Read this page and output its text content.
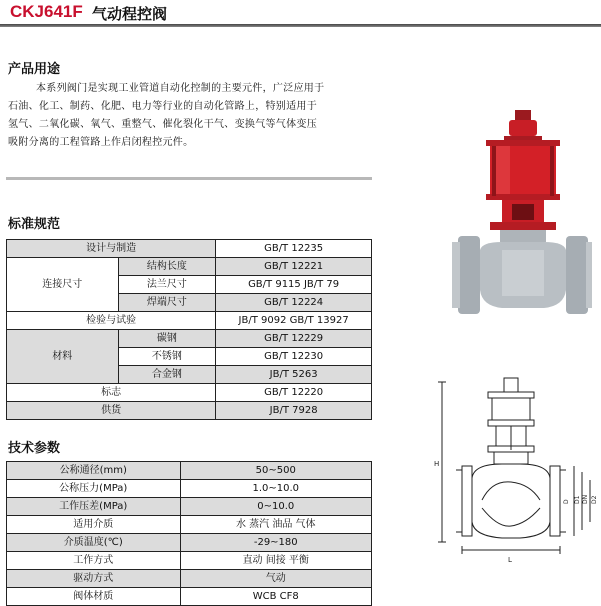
CKJ641F 气动程控阀
产品用途
本系列阀门是实现工业管道自动化控制的主要元件，广泛应用于
石油、化工、制药、化肥、电力等行业的自动化管路上，特别适用于
氢气、二氧化碳、氧气、重整气、催化裂化干气、变换气等气体变压
吸附分离的工程管路上作启闭程控元件。
标准规范
设计与制造		GB/T 12235
连接尺寸	结构长度	GB/T 12221
	法兰尺寸	GB/T 9115 JB/T 79
	焊端尺寸	GB/T 12224
检验与试验		JB/T 9092 GB/T 13927
材料	碳钢	GB/T 12229
	不锈钢	GB/T 12230
	合金钢	JB/T 5263
标志		GB/T 12220
供货		JB/T 7928
技术参数
公称通径(mm)	50~500
公称压力(MPa)	1.0~10.0
工作压差(MPa)	0~10.0
适用介质	水 蒸汽 油品 气体
介质温度(℃)	-29~180
工作方式	直动 间接 平衡
驱动方式	气动
阀体材质	WCB CF8
H
L
D D1 DN D2
